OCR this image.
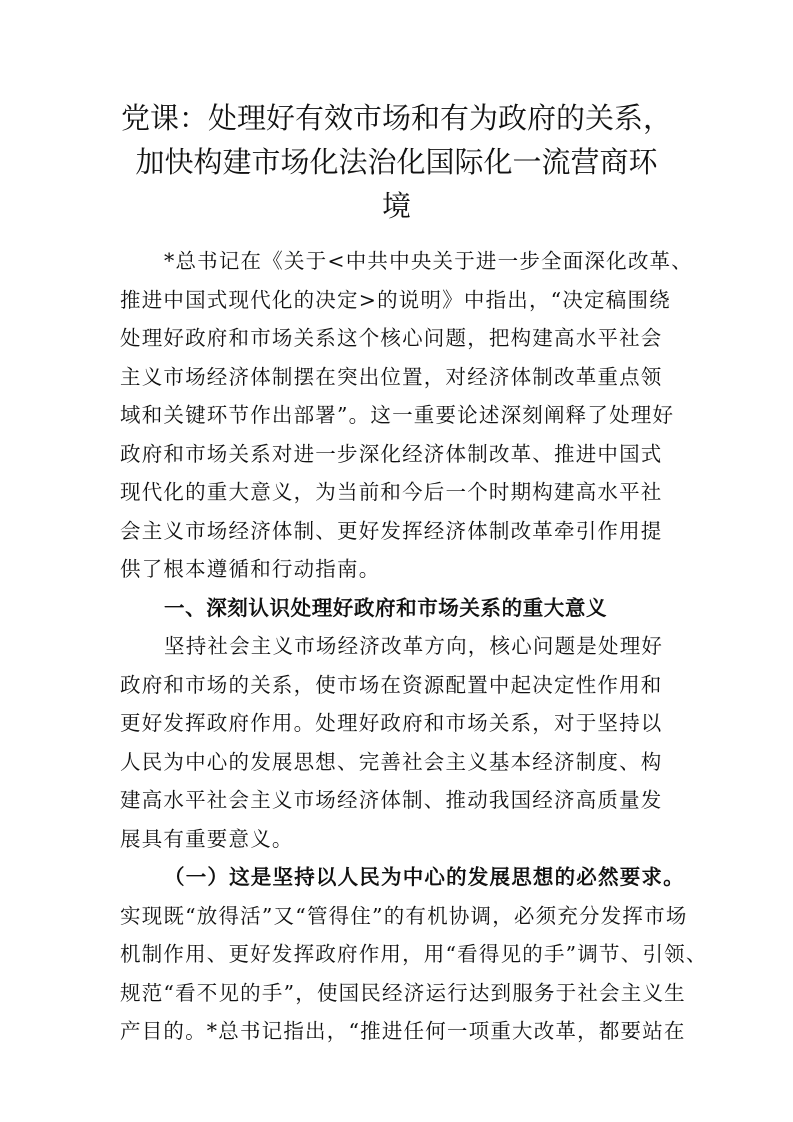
党课：处理好有效市场和有为政府的关系，
加快构建市场化法治化国际化一流营商环
境
*总书记在《关于<中共中央关于进一步全面深化改革、
推进中国式现代化的决定>的说明》中指出，“决定稿围绕
处理好政府和市场关系这个核心问题，把构建高水平社会
主义市场经济体制摆在突出位置，对经济体制改革重点领
域和关键环节作出部署”。这一重要论述深刻阐释了处理好
政府和市场关系对进一步深化经济体制改革、推进中国式
现代化的重大意义，为当前和今后一个时期构建高水平社
会主义市场经济体制、更好发挥经济体制改革牵引作用提
供了根本遵循和行动指南。
一、深刻认识处理好政府和市场关系的重大意义
坚持社会主义市场经济改革方向，核心问题是处理好
政府和市场的关系，使市场在资源配置中起决定性作用和
更好发挥政府作用。处理好政府和市场关系，对于坚持以
人民为中心的发展思想、完善社会主义基本经济制度、构
建高水平社会主义市场经济体制、推动我国经济高质量发
展具有重要意义。
（一）这是坚持以人民为中心的发展思想的必然要求。
实现既“放得活”又“管得住”的有机协调，必须充分发挥市场
机制作用、更好发挥政府作用，用“看得见的手”调节、引领、
规范“看不见的手”，使国民经济运行达到服务于社会主义生
产目的。*总书记指出，“推进任何一项重大改革，都要站在
